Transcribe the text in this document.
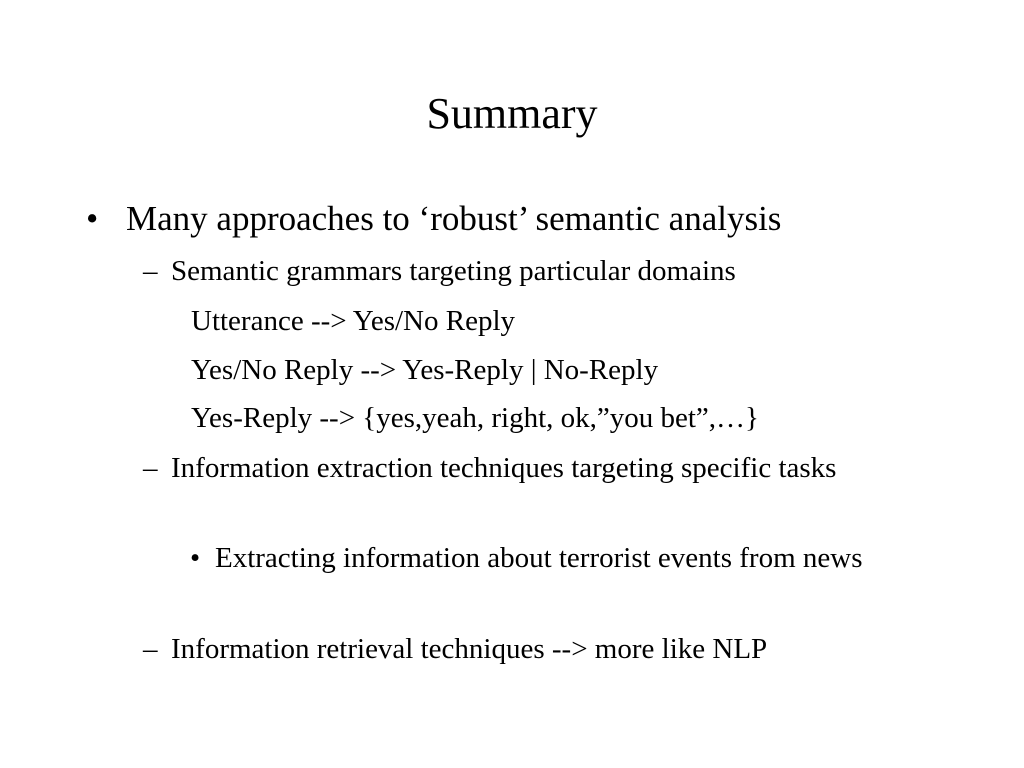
Summary
• Many approaches to ‘robust’ semantic analysis
– Semantic grammars targeting particular domains
Utterance --> Yes/No Reply
Yes/No Reply --> Yes-Reply | No-Reply
Yes-Reply --> {yes,yeah, right, ok,”you bet”,…}
– Information extraction techniques targeting specific tasks
• Extracting information about terrorist events from news
– Information retrieval techniques --> more like NLP
